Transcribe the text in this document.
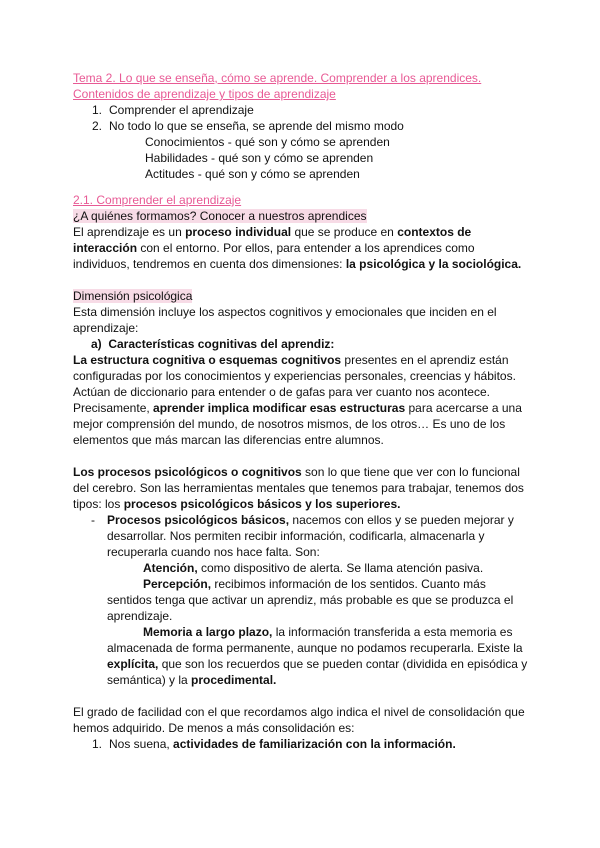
Tema 2. Lo que se enseña, cómo se aprende. Comprender a los aprendices.
Contenidos de aprendizaje y tipos de aprendizaje

1. Comprender el aprendizaje
2. No todo lo que se enseña, se aprende del mismo modo

Conocimientos - qué son y cómo se aprenden

Habilidades - qué son y cómo se aprenden

Actitudes - qué son y cómo se aprenden

2.1. Comprender el aprendizaje

¿A quiénes formamos? Conocer a nuestros aprendices

El aprendizaje es un proceso individual que se produce en contextos de interacción con el entorno. Por ellos, para entender a los aprendices como individuos, tendremos en cuenta dos dimensiones: la psicológica y la sociológica.

Dimensión psicológica

Esta dimensión incluye los aspectos cognitivos y emocionales que inciden en el aprendizaje:

a) Características cognitivas del aprendiz:

La estructura cognitiva o esquemas cognitivos presentes en el aprendiz están configuradas por los conocimientos y experiencias personales, creencias y hábitos. Actúan de diccionario para entender o de gafas para ver cuanto nos acontece. Precisamente, aprender implica modificar esas estructuras para acercarse a una mejor comprensión del mundo, de nosotros mismos, de los otros… Es uno de los elementos que más marcan las diferencias entre alumnos.

Los procesos psicológicos o cognitivos son lo que tiene que ver con lo funcional del cerebro. Son las herramientas mentales que tenemos para trabajar, tenemos dos tipos: los procesos psicológicos básicos y los superiores.

-	Procesos psicológicos básicos, nacemos con ellos y se pueden mejorar y desarrollar. Nos permiten recibir información, codificarla, almacenarla y recuperarla cuando nos hace falta. Son:

Atención, como dispositivo de alerta. Se llama atención pasiva.

Percepción, recibimos información de los sentidos. Cuanto más sentidos tenga que activar un aprendiz, más probable es que se produzca el aprendizaje.

Memoria a largo plazo, la información transferida a esta memoria es almacenada de forma permanente, aunque no podamos recuperarla. Existe la explícita, que son los recuerdos que se pueden contar (dividida en episódica y semántica) y la procedimental.

El grado de facilidad con el que recordamos algo indica el nivel de consolidación que hemos adquirido. De menos a más consolidación es:

1. Nos suena, actividades de familiarización con la información.
